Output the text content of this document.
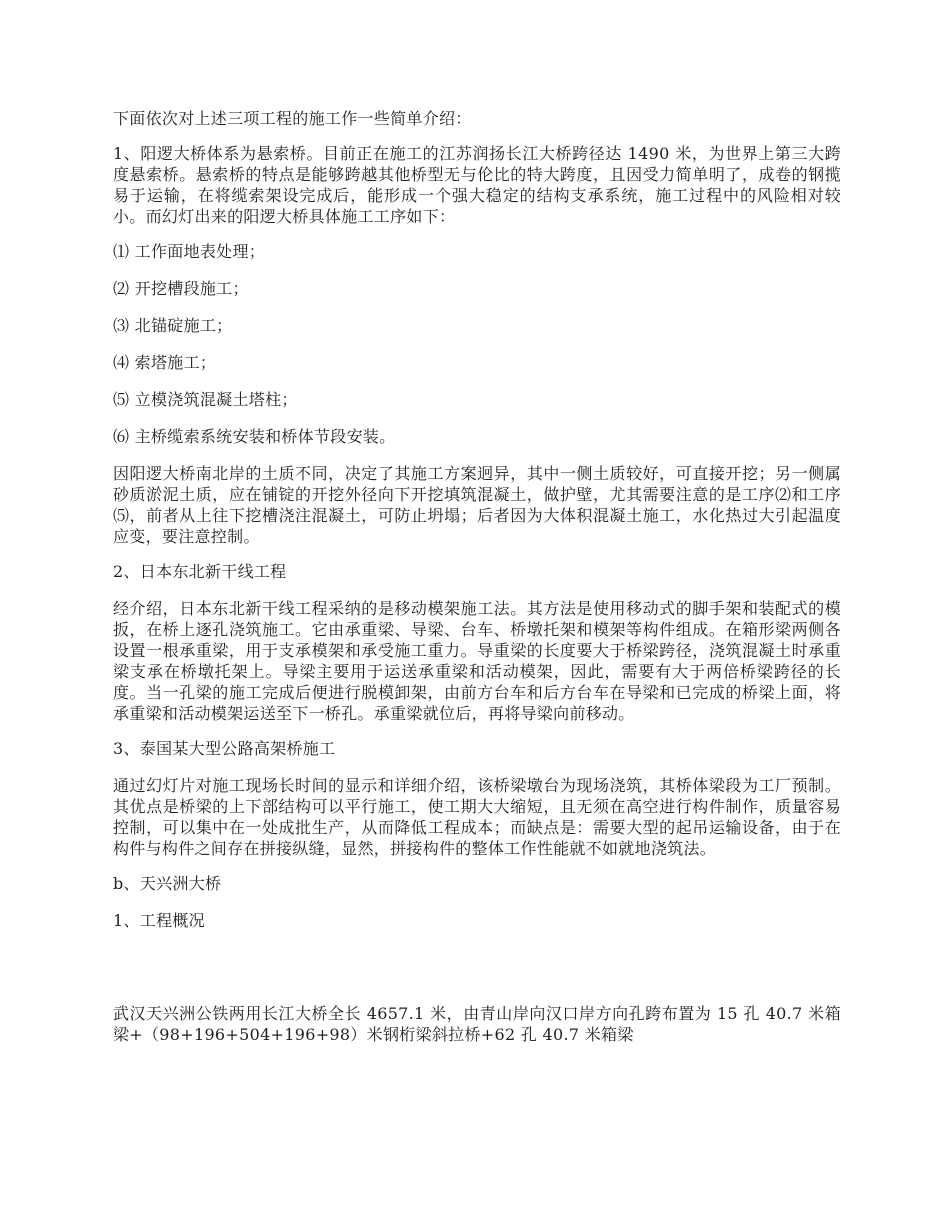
下面依次对上述三项工程的施工作一些简单介绍：

1、阳逻大桥体系为悬索桥。目前正在施工的江苏润扬长江大桥跨径达 1490 米，为世界上第三大跨度悬索桥。悬索桥的特点是能够跨越其他桥型无与伦比的特大跨度，且因受力简单明了，成卷的钢揽易于运输，在将缆索架设完成后，能形成一个强大稳定的结构支承系统，施工过程中的风险相对较小。而幻灯出来的阳逻大桥具体施工工序如下：

⑴ 工作面地表处理；

⑵ 开挖槽段施工；

⑶ 北锚碇施工；

⑷ 索塔施工；

⑸ 立模浇筑混凝土塔柱；

⑹ 主桥缆索系统安装和桥体节段安装。

因阳逻大桥南北岸的土质不同，决定了其施工方案迥异，其中一侧土质较好，可直接开挖；另一侧属砂质淤泥土质，应在铺锭的开挖外径向下开挖填筑混凝土，做护壁，尤其需要注意的是工序⑵和工序⑸，前者从上往下挖槽浇注混凝土，可防止坍塌；后者因为大体积混凝土施工，水化热过大引起温度应变，要注意控制。

2、日本东北新干线工程

经介绍，日本东北新干线工程采纳的是移动模架施工法。其方法是使用移动式的脚手架和装配式的模扳，在桥上逐孔浇筑施工。它由承重梁、导梁、台车、桥墩托架和模架等构件组成。在箱形梁两侧各设置一根承重梁，用于支承模架和承受施工重力。导重梁的长度要大于桥梁跨径，浇筑混凝土时承重梁支承在桥墩托架上。导梁主要用于运送承重梁和活动模架，因此，需要有大于两倍桥梁跨径的长度。当一孔梁的施工完成后便进行脱模卸架，由前方台车和后方台车在导梁和已完成的桥梁上面，将承重梁和活动模架运送至下一桥孔。承重梁就位后，再将导梁向前移动。

3、泰国某大型公路高架桥施工

通过幻灯片对施工现场长时间的显示和详细介绍，该桥梁墩台为现场浇筑，其桥体梁段为工厂预制。其优点是桥梁的上下部结构可以平行施工，使工期大大缩短，且无须在高空进行构件制作，质量容易控制，可以集中在一处成批生产，从而降低工程成本；而缺点是：需要大型的起吊运输设备，由于在构件与构件之间存在拼接纵缝，显然，拼接构件的整体工作性能就不如就地浇筑法。

b、天兴洲大桥

1、工程概况

武汉天兴洲公铁两用长江大桥全长 4657.1 米，由青山岸向汉口岸方向孔跨布置为 15 孔 40.7 米箱梁+（98+196+504+196+98）米钢桁梁斜拉桥+62 孔 40.7 米箱梁
